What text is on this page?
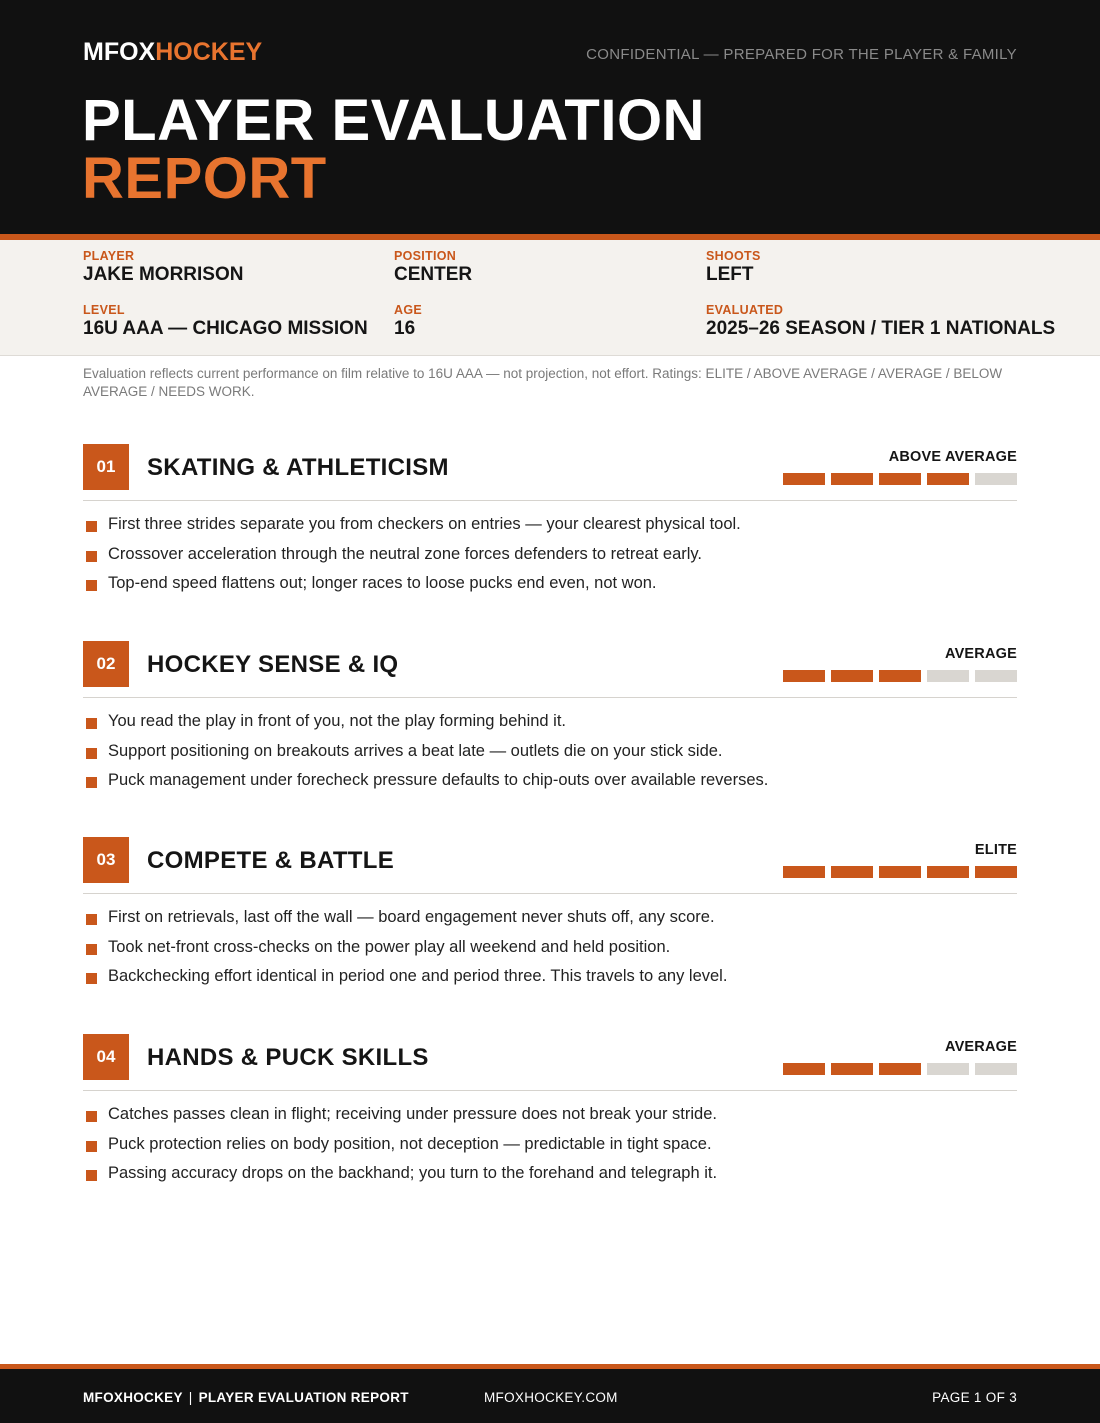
MFOXHOCKEY	CONFIDENTIAL — PREPARED FOR THE PLAYER & FAMILY
PLAYER EVALUATION
REPORT
PLAYER
JAKE MORRISON
POSITION
CENTER
SHOOTS
LEFT
LEVEL
16U AAA — CHICAGO MISSION
AGE
16
EVALUATED
2025–26 SEASON / TIER 1 NATIONALS
Evaluation reflects current performance on film relative to 16U AAA — not projection, not effort. Ratings: ELITE / ABOVE AVERAGE / AVERAGE / BELOW AVERAGE / NEEDS WORK.
01	SKATING & ATHLETICISM	ABOVE AVERAGE
First three strides separate you from checkers on entries — your clearest physical tool.
Crossover acceleration through the neutral zone forces defenders to retreat early.
Top-end speed flattens out; longer races to loose pucks end even, not won.
02	HOCKEY SENSE & IQ	AVERAGE
You read the play in front of you, not the play forming behind it.
Support positioning on breakouts arrives a beat late — outlets die on your stick side.
Puck management under forecheck pressure defaults to chip-outs over available reverses.
03	COMPETE & BATTLE	ELITE
First on retrievals, last off the wall — board engagement never shuts off, any score.
Took net-front cross-checks on the power play all weekend and held position.
Backchecking effort identical in period one and period three. This travels to any level.
04	HANDS & PUCK SKILLS	AVERAGE
Catches passes clean in flight; receiving under pressure does not break your stride.
Puck protection relies on body position, not deception — predictable in tight space.
Passing accuracy drops on the backhand; you turn to the forehand and telegraph it.
MFOXHOCKEY | PLAYER EVALUATION REPORT	MFOXHOCKEY.COM	PAGE 1 OF 3
